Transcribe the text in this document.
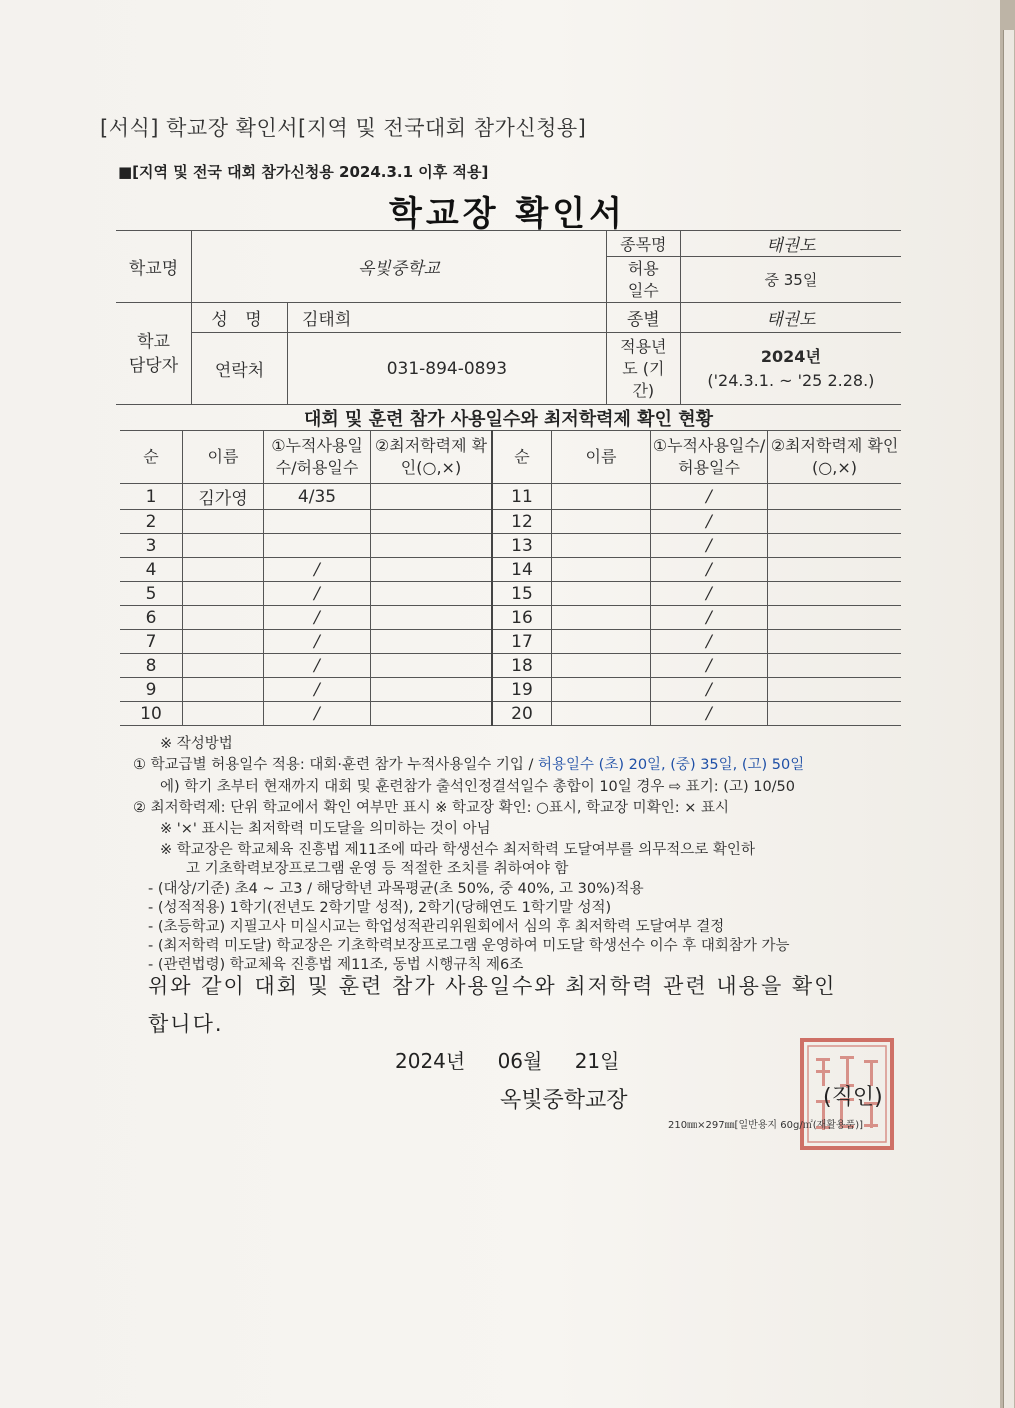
[서식] 학교장 확인서[지역 및 전국대회 참가신청용]
■[지역 및 전국 대회 참가신청용 2024.3.1 이후 적용]
학교장 확인서
학교명	옥빛중학교		종목명	태권도
			허용일수	중 35일
학교 담당자	성 명	김태희	종별	태권도
	연락처	031-894-0893	적용년도 (기간)	2024년
('24.3.1. ~ '25 2.28.)
대회 및 훈련 참가 사용일수와 최저학력제 확인 현황
순	이름	①누적사용일수/허용일수	②최저학력제 확인(○,×)	순	이름	①누적사용일수/허용일수	②최저학력제 확인(○,×)
1	김가영	4/35		11		/	
2				12		/	
3				13		/	
4		/		14		/	
5		/		15		/	
6		/		16		/	
7		/		17		/	
8		/		18		/	
9		/		19		/	
10		/		20		/	
※ 작성방법
① 학교급별 허용일수 적용: 대회·훈련 참가 누적사용일수 기입 / 허용일수 (초) 20일, (중) 35일, (고) 50일
에) 학기 초부터 현재까지 대회 및 훈련참가 출석인정결석일수 총합이 10일 경우 ⇨ 표기: (고) 10/50
② 최저학력제: 단위 학교에서 확인 여부만 표시 ※ 학교장 확인: ○표시, 학교장 미확인: × 표시
※ '×' 표시는 최저학력 미도달을 의미하는 것이 아님
※ 학교장은 학교체육 진흥법 제11조에 따라 학생선수 최저학력 도달여부를 의무적으로 확인하
고 기초학력보장프로그램 운영 등 적절한 조치를 취하여야 함
- (대상/기준) 초4 ~ 고3 / 해당학년 과목평균(초 50%, 중 40%, 고 30%)적용
- (성적적용) 1학기(전년도 2학기말 성적), 2학기(당해연도 1학기말 성적)
- (초등학교) 지필고사 미실시교는 학업성적관리위원회에서 심의 후 최저학력 도달여부 결정
- (최저학력 미도달) 학교장은 기초학력보장프로그램 운영하여 미도달 학생선수 이수 후 대회참가 가능
- (관련법령) 학교체육 진흥법 제11조, 동법 시행규칙 제6조
위와 같이 대회 및 훈련 참가 사용일수와 최저학력 관련 내용을 확인
합니다.
2024년 06월 21일
옥빛중학교장	(직인)
210㎜×297㎜[일반용지 60g/㎡(재활용품)]
